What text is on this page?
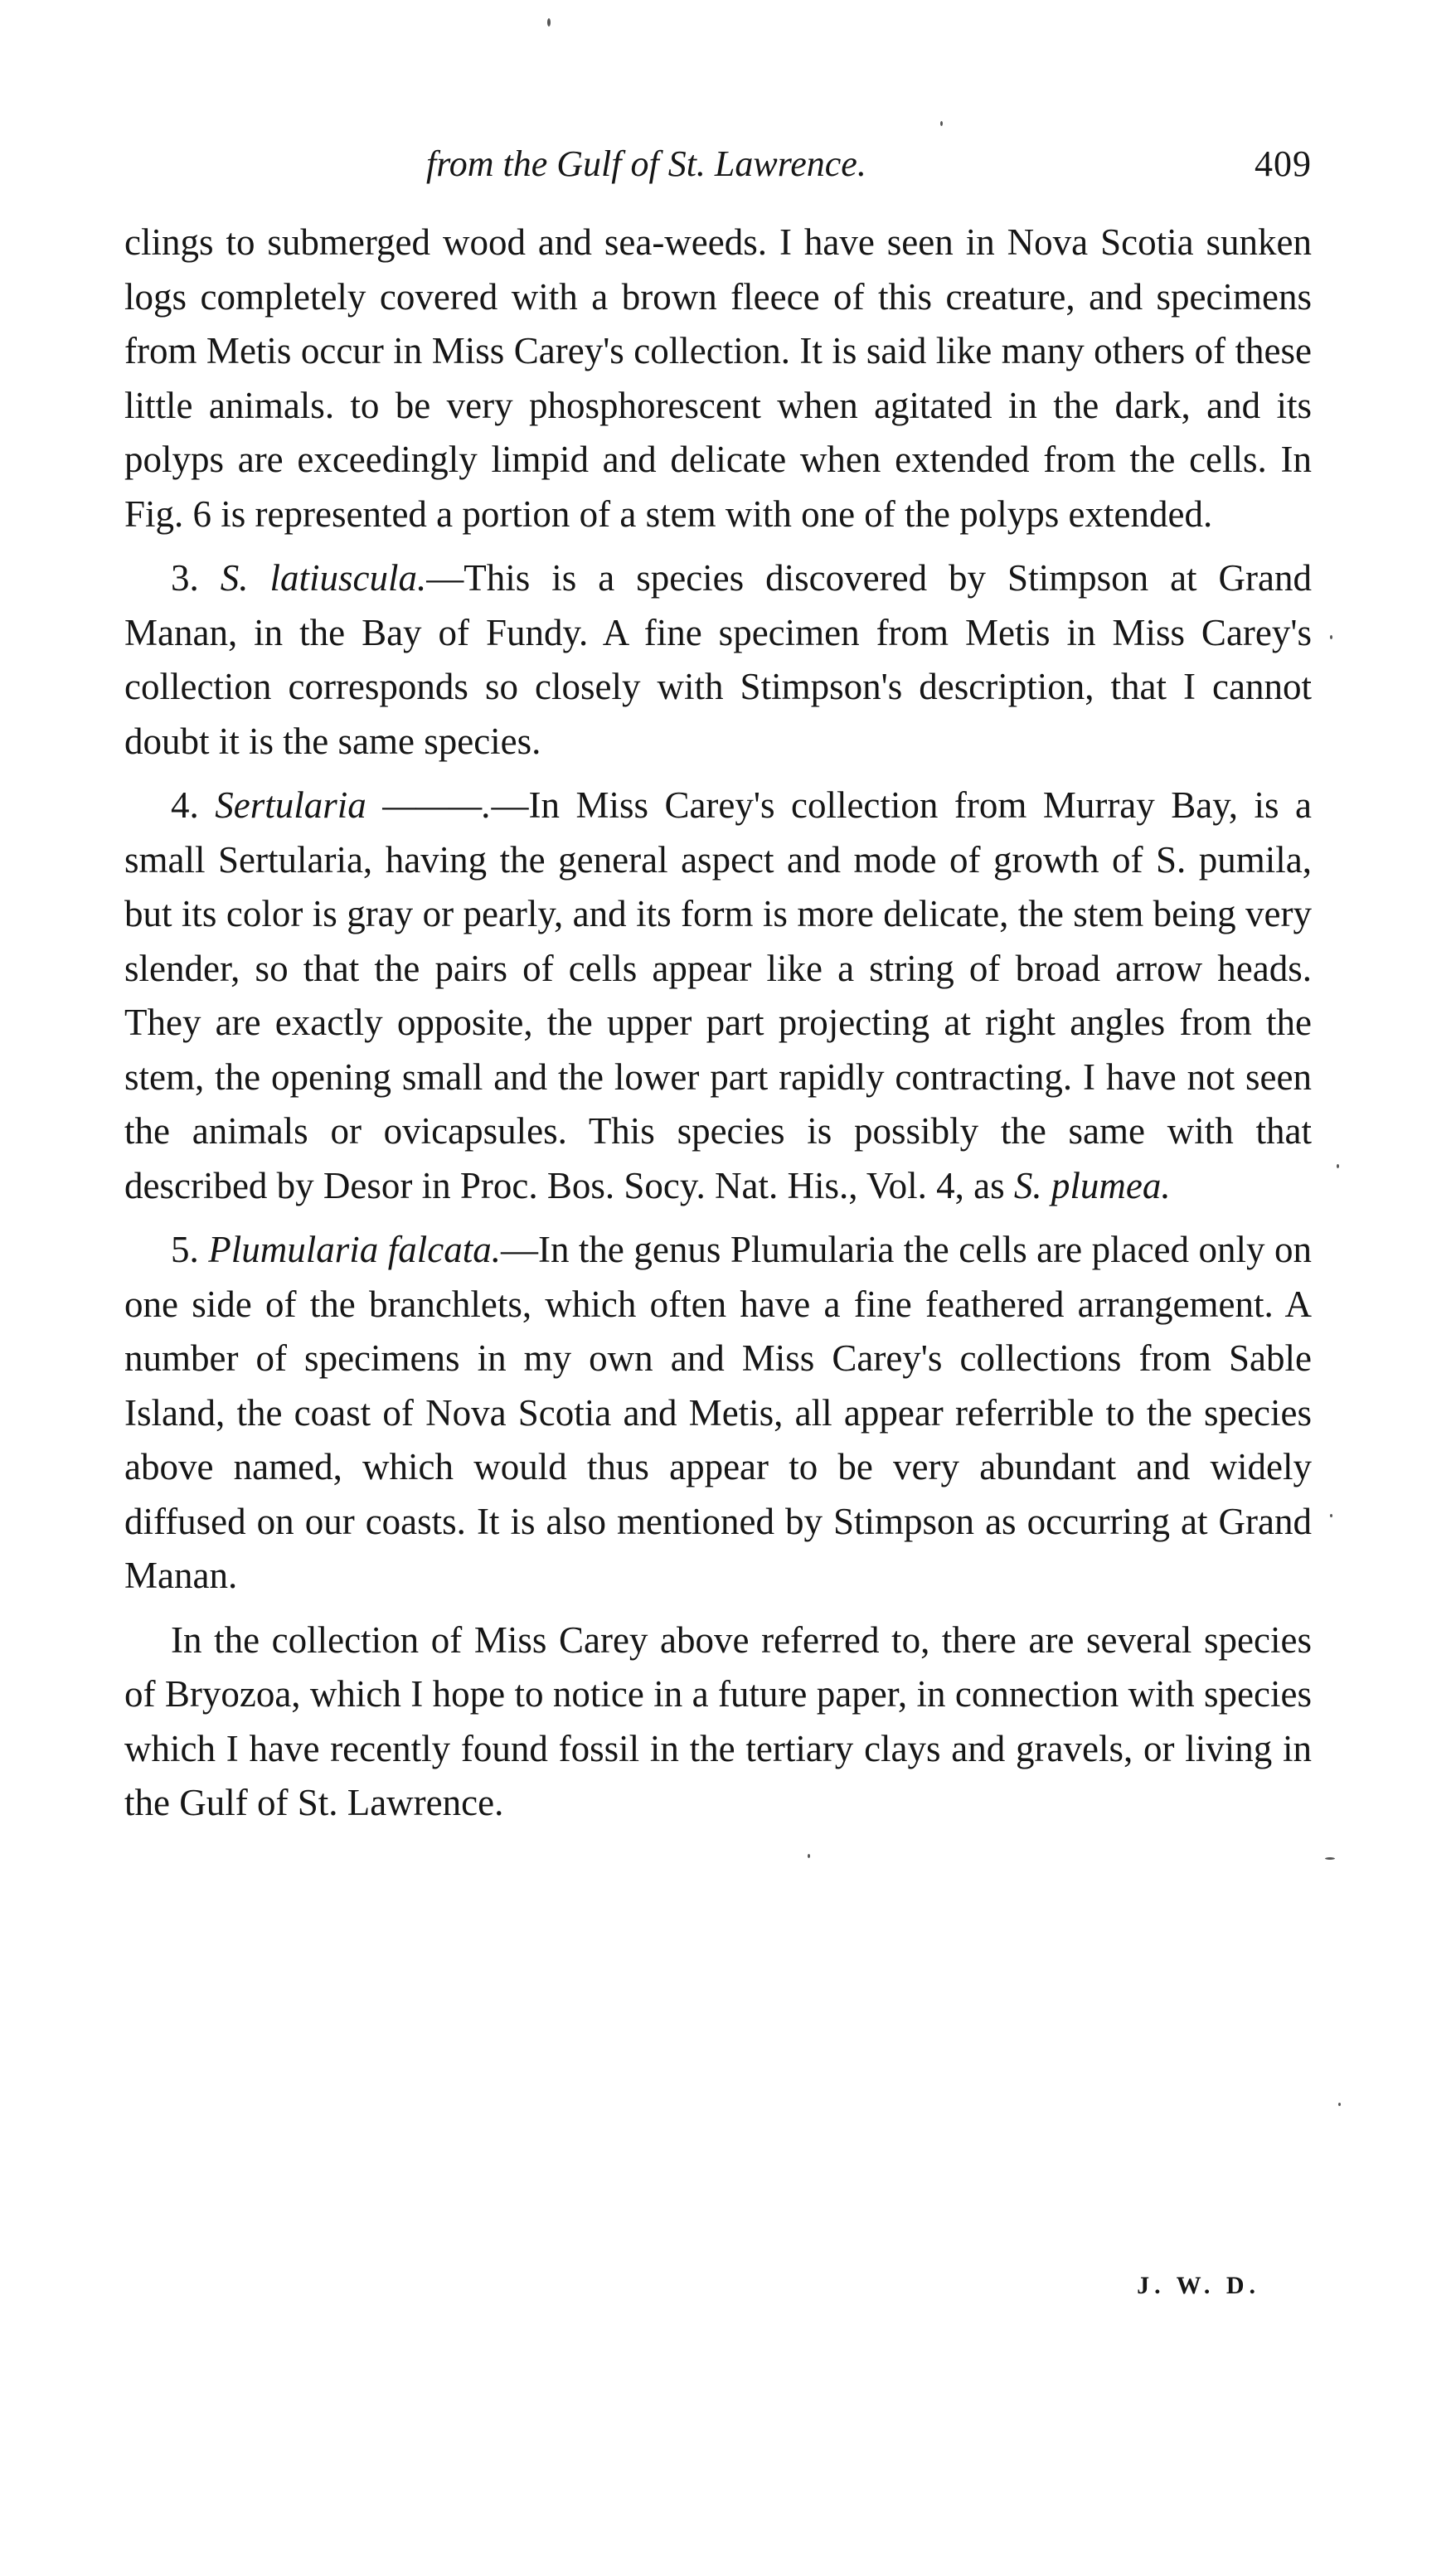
from the Gulf of St. Lawrence.	409

clings to submerged wood and sea-weeds. I have seen in Nova Scotia sunken logs completely covered with a brown fleece of this creature, and specimens from Metis occur in Miss Carey's collection. It is said like many others of these little animals. to be very phosphorescent when agitated in the dark, and its polyps are exceedingly limpid and delicate when extended from the cells. In Fig. 6 is represented a portion of a stem with one of the polyps extended.

3. S. latiuscula.—This is a species discovered by Stimpson at Grand Manan, in the Bay of Fundy. A fine specimen from Metis in Miss Carey's collection corresponds so closely with Stimpson's description, that I cannot doubt it is the same species.

4. Sertularia ———.—In Miss Carey's collection from Murray Bay, is a small Sertularia, having the general aspect and mode of growth of S. pumila, but its color is gray or pearly, and its form is more delicate, the stem being very slender, so that the pairs of cells appear like a string of broad arrow heads. They are exactly opposite, the upper part projecting at right angles from the stem, the opening small and the lower part rapidly contracting. I have not seen the animals or ovicapsules. This species is possibly the same with that described by Desor in Proc. Bos. Socy. Nat. His., Vol. 4, as S. plumea.

5. Plumularia falcata.—In the genus Plumularia the cells are placed only on one side of the branchlets, which often have a fine feathered arrangement. A number of specimens in my own and Miss Carey's collections from Sable Island, the coast of Nova Scotia and Metis, all appear referrible to the species above named, which would thus appear to be very abundant and widely diffused on our coasts. It is also mentioned by Stimpson as occurring at Grand Manan.

In the collection of Miss Carey above referred to, there are several species of Bryozoa, which I hope to notice in a future paper, in connection with species which I have recently found fossil in the tertiary clays and gravels, or living in the Gulf of St. Lawrence.

J. W. D.
